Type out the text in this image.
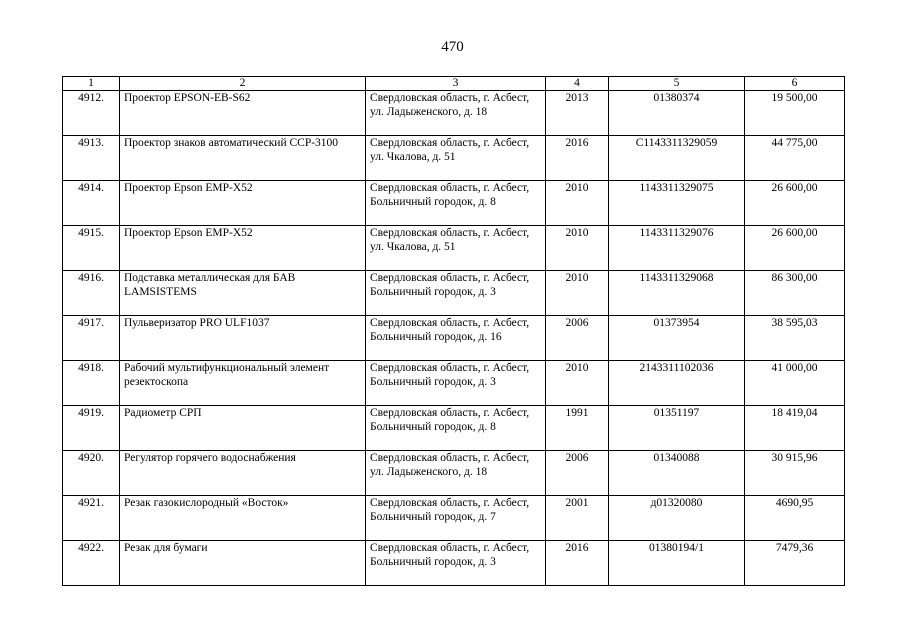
470
1	2	3	4	5	6
4912.	Проектор EPSON-EB-S62	Свердловская область, г. Асбест, ул. Ладыженского, д. 18	2013	01380374	19 500,00
4913.	Проектор знаков автоматический CCP-3100	Свердловская область, г. Асбест, ул. Чкалова, д. 51	2016	С1143311329059	44 775,00
4914.	Проектор Epson EMP-X52	Свердловская область, г. Асбест, Больничный городок, д. 8	2010	1143311329075	26 600,00
4915.	Проектор Epson EMP-X52	Свердловская область, г. Асбест, ул. Чкалова, д. 51	2010	1143311329076	26 600,00
4916.	Подставка металлическая для БАВ LAMSISTEMS	Свердловская область, г. Асбест, Больничный городок, д. 3	2010	1143311329068	86 300,00
4917.	Пульверизатор PRO ULF1037	Свердловская область, г. Асбест, Больничный городок, д. 16	2006	01373954	38 595,03
4918.	Рабочий мультифункциональный элемент резектоскопа	Свердловская область, г. Асбест, Больничный городок, д. 3	2010	2143311102036	41 000,00
4919.	Радиометр СРП	Свердловская область, г. Асбест, Больничный городок, д. 8	1991	01351197	18 419,04
4920.	Регулятор горячего водоснабжения	Свердловская область, г. Асбест, ул. Ладыженского, д. 18	2006	01340088	30 915,96
4921.	Резак газокислородный «Восток»	Свердловская область, г. Асбест, Больничный городок, д. 7	2001	д01320080	4690,95
4922.	Резак для бумаги	Свердловская область, г. Асбест, Больничный городок, д. 3	2016	01380194/1	7479,36
